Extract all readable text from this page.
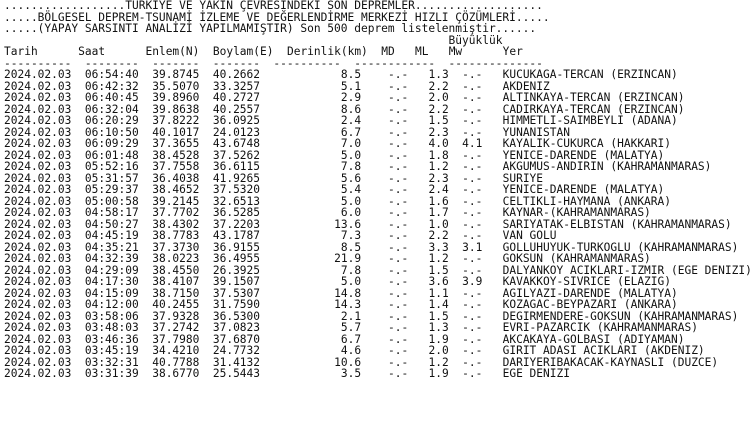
..................TÜRKİYE VE YAKIN ÇEVRESİNDEKİ SON DEPREMLER...................
.....BÖLGESEL DEPREM-TSUNAMİ İZLEME VE DEĞERLENDİRME MERKEZİ HIZLI ÇÖZÜMLERİ.....
.....(YAPAY SARSINTI ANALİZİ YAPILMAMIŞTIR) Son 500 deprem listelenmiştir......
Büyüklük
Tarih	Saat	Enlem(N) Boylam(E) Derinlik(km) MD ML Mw	Yer
----------  --------  -------  -------  ----------  ------------  --------------
2024.02.03 06:54:40 39.8745 40.2662	8.5 -.- 1.3 -.- KUCUKAGA-TERCAN (ERZINCAN)
2024.02.03 06:42:32 35.5070 33.3257	5.1 -.- 2.2 -.- AKDENIZ
2024.02.03 06:40:45 39.8960 40.2727	2.9 -.- 2.0 -.- ALTINKAYA-TERCAN (ERZINCAN)
2024.02.03 06:32:04 39.8638 40.2557	8.6 -.- 2.2 -.- CADIRKAYA-TERCAN (ERZINCAN)
2024.02.03 06:20:29 37.8222 36.0925	2.4 -.- 1.5 -.- HIMMETLI-SAIMBEYLI (ADANA)
2024.02.03 06:10:50 40.1017 24.0123	6.7 -.- 2.3 -.- YUNANISTAN
2024.02.03 06:09:29 37.3655 43.6748	7.0 -.- 4.0 4.1 KAYALIK-CUKURCA (HAKKARI)
2024.02.03 06:01:48 38.4528 37.5262	5.0 -.- 1.8 -.- YENICE-DARENDE (MALATYA)
2024.02.03 05:52:16 37.7558 36.6115	7.8 -.- 1.2 -.- AKGUMUS-ANDIRIN (KAHRAMANMARAS)
2024.02.03 05:31:57 36.4038 41.9265	5.6 -.- 2.3 -.- SURIYE
2024.02.03 05:29:37 38.4652 37.5320	5.4 -.- 2.4 -.- YENICE-DARENDE (MALATYA)
2024.02.03 05:00:58 39.2145 32.6513	5.0 -.- 1.6 -.- CELTIKLI-HAYMANA (ANKARA)
2024.02.03 04:58:17 37.7702 36.5285	6.0 -.- 1.7 -.- KAYNAR-(KAHRAMANMARAS)
2024.02.03 04:50:27 38.4302 37.2203	13.6 -.- 1.0 -.- SARIYATAK-ELBISTAN (KAHRAMANMARAS)
2024.02.03 04:45:19 38.7783 43.1787	7.3 -.- 2.2 -.- VAN GOLU
2024.02.03 04:35:21 37.3730 36.9155	8.5 -.- 3.3 3.1 GOLLUHUYUK-TURKOGLU (KAHRAMANMARAS)
2024.02.03 04:32:39 38.0223 36.4955	21.9 -.- 1.2 -.- GOKSUN (KAHRAMANMARAS)
2024.02.03 04:29:09 38.4550 26.3925	7.8 -.- 1.5 -.- DALYANKOY ACIKLARI-IZMIR (EGE DENIZI)
2024.02.03 04:17:30 38.4107 39.1507	5.0 -.- 3.6 3.9 KAVAKKOY-SIVRICE (ELAZIG)
2024.02.03 04:15:09 38.7150 37.5307	14.8 -.- 1.1 -.- AGILYAZI-DARENDE (MALATYA)
2024.02.03 04:12:00 40.2455 31.7590	14.3 -.- 1.4 -.- KOZAGAC-BEYPAZARI (ANKARA)
2024.02.03 03:58:06 37.9328 36.5300	2.1 -.- 1.5 -.- DEGIRMENDERE-GOKSUN (KAHRAMANMARAS)
2024.02.03 03:48:03 37.2742 37.0823	5.7 -.- 1.3 -.- EVRI-PAZARCIK (KAHRAMANMARAS)
2024.02.03 03:46:36 37.7980 37.6870	6.7 -.- 1.9 -.- AKCAKAYA-GOLBASI (ADIYAMAN)
2024.02.03 03:45:19 34.4210 24.7732	4.6 -.- 2.0 -.- GIRIT ADASI ACIKLARI (AKDENIZ)
2024.02.03 03:32:31 40.7788 31.4132	10.6 -.- 1.2 -.- DARIYERIBAKACAK-KAYNASLI (DUZCE)
2024.02.03 03:31:39 38.6770 25.5443	3.5 -.- 1.9 -.- EGE DENIZI
